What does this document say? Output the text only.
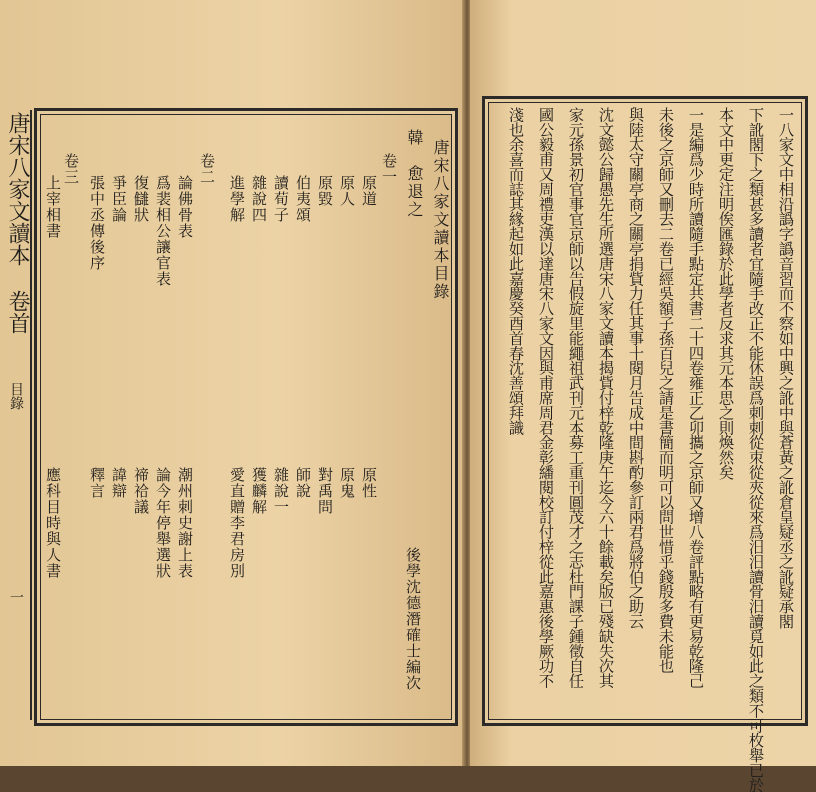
唐宋八家文讀本
卷首
目錄
一
唐宋八家文讀本目錄
韓　愈退之
卷一
原道
原人
原毀
伯夷頌
讀荀子
雜說四
進學解
原性
原鬼
對禹問
師說
雜說一
獲麟解
愛直贈李君房別
卷二
論佛骨表
爲裴相公讓官表
復讎狀
爭臣論
張中丞傳後序
潮州刺史謝上表
論今年停舉選狀
禘祫議
諱辯
釋言
卷三
上宰相書
應科目時與人書
後學沈德潛確士編次	一八家文中相沿譌字譌音習而不察如中興之訛中與蒼黃之訛倉皇疑丞之訛疑承閣
下訛閣下之類甚多讀者宜隨手改正不能休誤爲刺刺從朿從夾從來爲汨汨讀骨汨讀覓如此之類不可枚舉已於
本文中更定注明俟匯錄於此學者反求其元本思之則煥然矣
一是編爲少時所讀隨手點定共書二十四卷雍正乙卯攜之京師又增八卷評點略有更易乾隆己
未後之京師又刪去二卷已經吳額子孫百兒之請是書簡而明可以問世惜乎錢殷多費未能也
與陸太守關亭商之關亭捐貲力任其事十閱月告成中間斟酌參訂兩君爲將伯之助云
沈文懿公歸愚先生所選唐宋八家文讀本揭貲付梓乾隆庚午迄今六十餘載矣版已殘缺失次其
家元孫景初官事官京師以告假旋里能繩祖武刊元本募工重刊圓茂才之志杜門課子鍾徵自任
國公毅甫又周禮吏漢以達唐宋八家文因與甫席周君金彰繙閱校訂付梓從此嘉惠後學厥功不
淺也余喜而誌其緣起如此嘉慶癸酉首春沈善頌拜識
